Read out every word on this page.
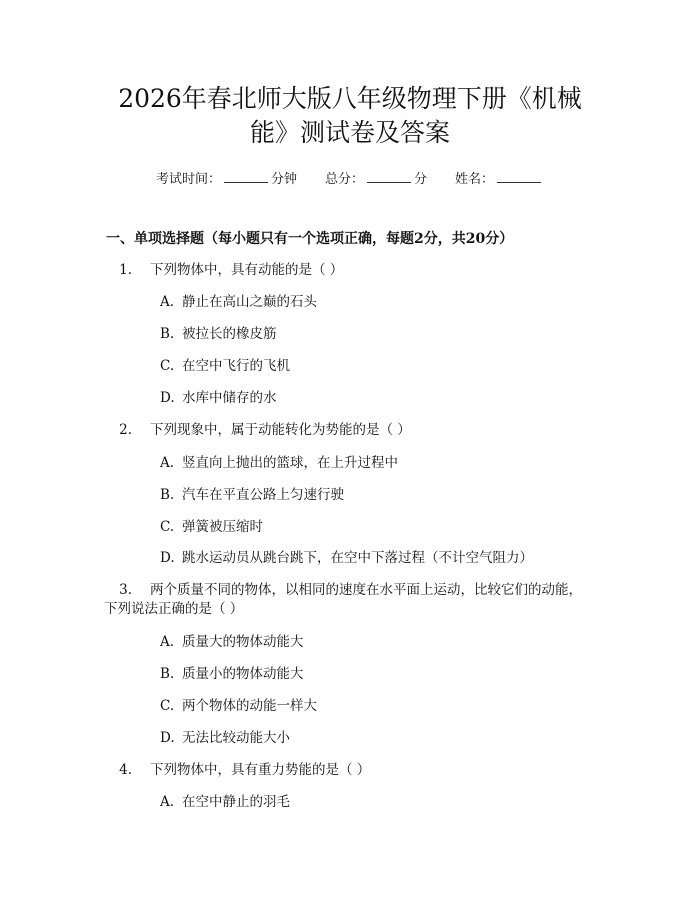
2026年春北师大版八年级物理下册《机械
能》测试卷及答案
考试时间：	分钟 总分：	分 姓名：
一、单项选择题（每小题只有一个选项正确，每题2分，共20分）
1. 下列物体中，具有动能的是（ ）
A. 静止在高山之巅的石头
B. 被拉长的橡皮筋
C. 在空中飞行的飞机
D. 水库中储存的水
2. 下列现象中，属于动能转化为势能的是（ ）
A. 竖直向上抛出的篮球，在上升过程中
B. 汽车在平直公路上匀速行驶
C. 弹簧被压缩时
D. 跳水运动员从跳台跳下，在空中下落过程（不计空气阻力）
3. 两个质量不同的物体，以相同的速度在水平面上运动，比较它们的动能，
下列说法正确的是（ ）
A. 质量大的物体动能大
B. 质量小的物体动能大
C. 两个物体的动能一样大
D. 无法比较动能大小
4. 下列物体中，具有重力势能的是（ ）
A. 在空中静止的羽毛
